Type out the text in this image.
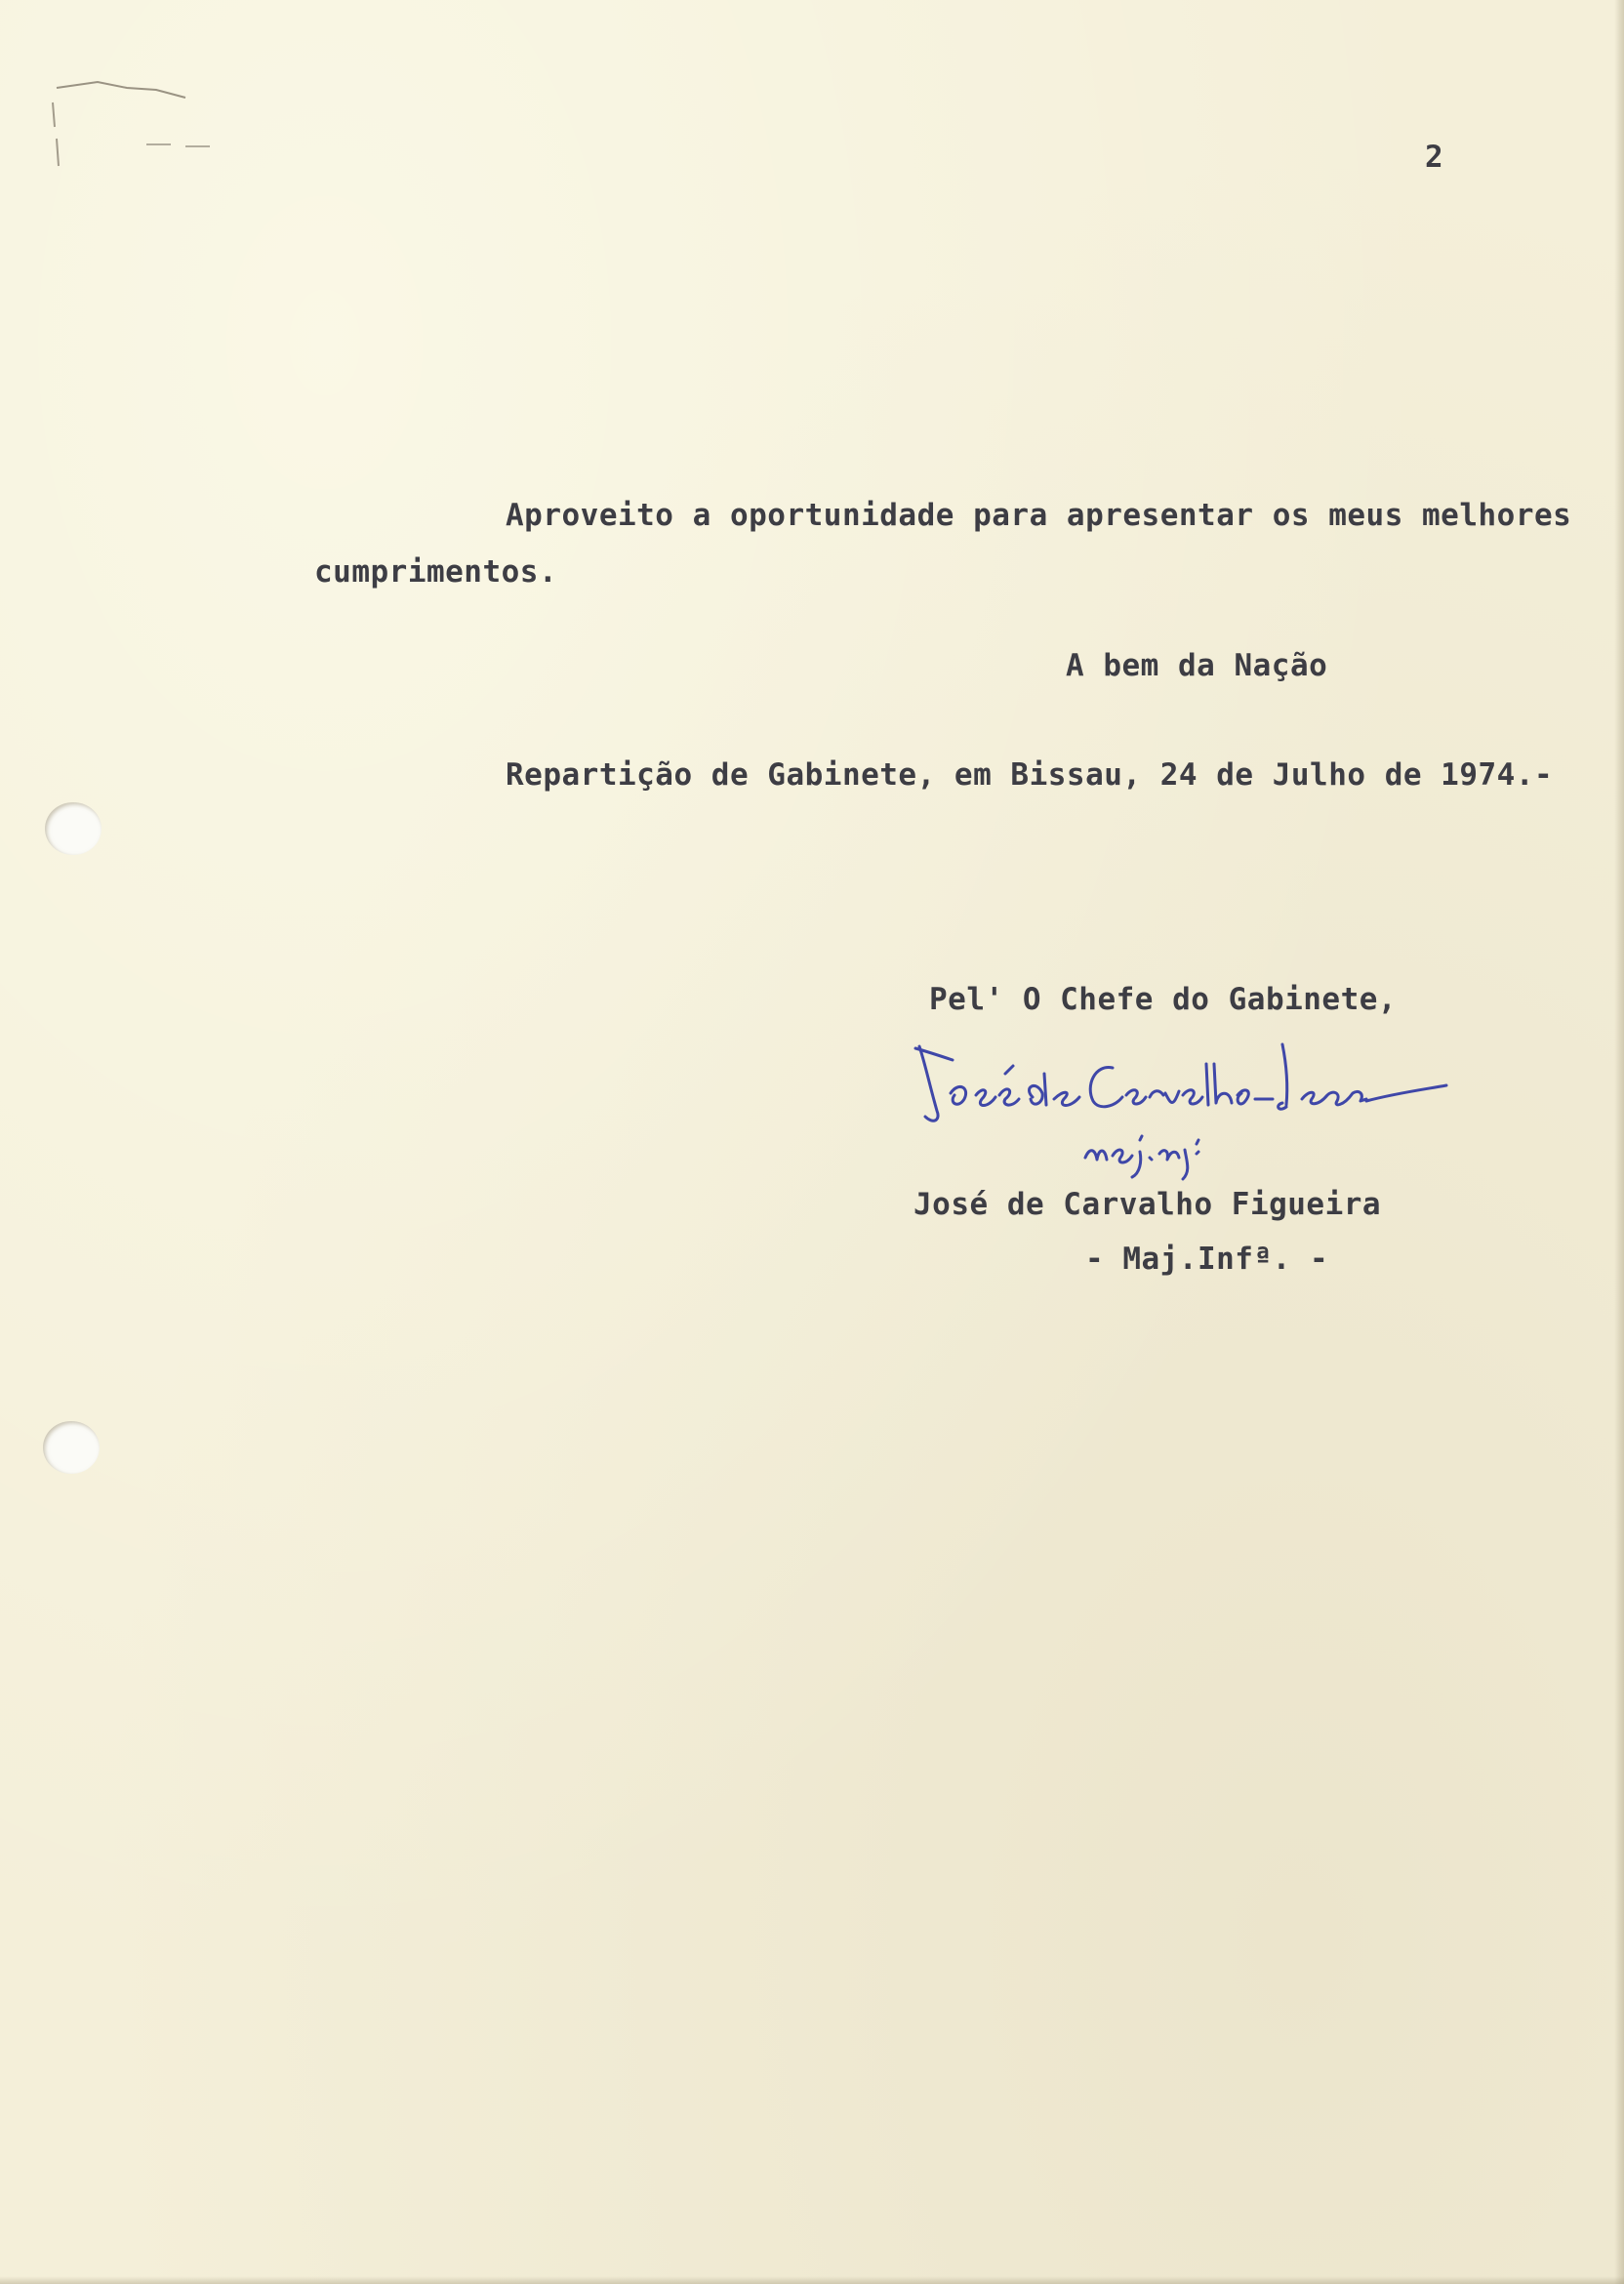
2
Aproveito a oportunidade para apresentar os meus melhores
cumprimentos.
A bem da Nação
Repartição de Gabinete, em Bissau, 24 de Julho de 1974.-
Pel' O Chefe do Gabinete,
José de Carvalho Figueira
- Maj.Infª. -
